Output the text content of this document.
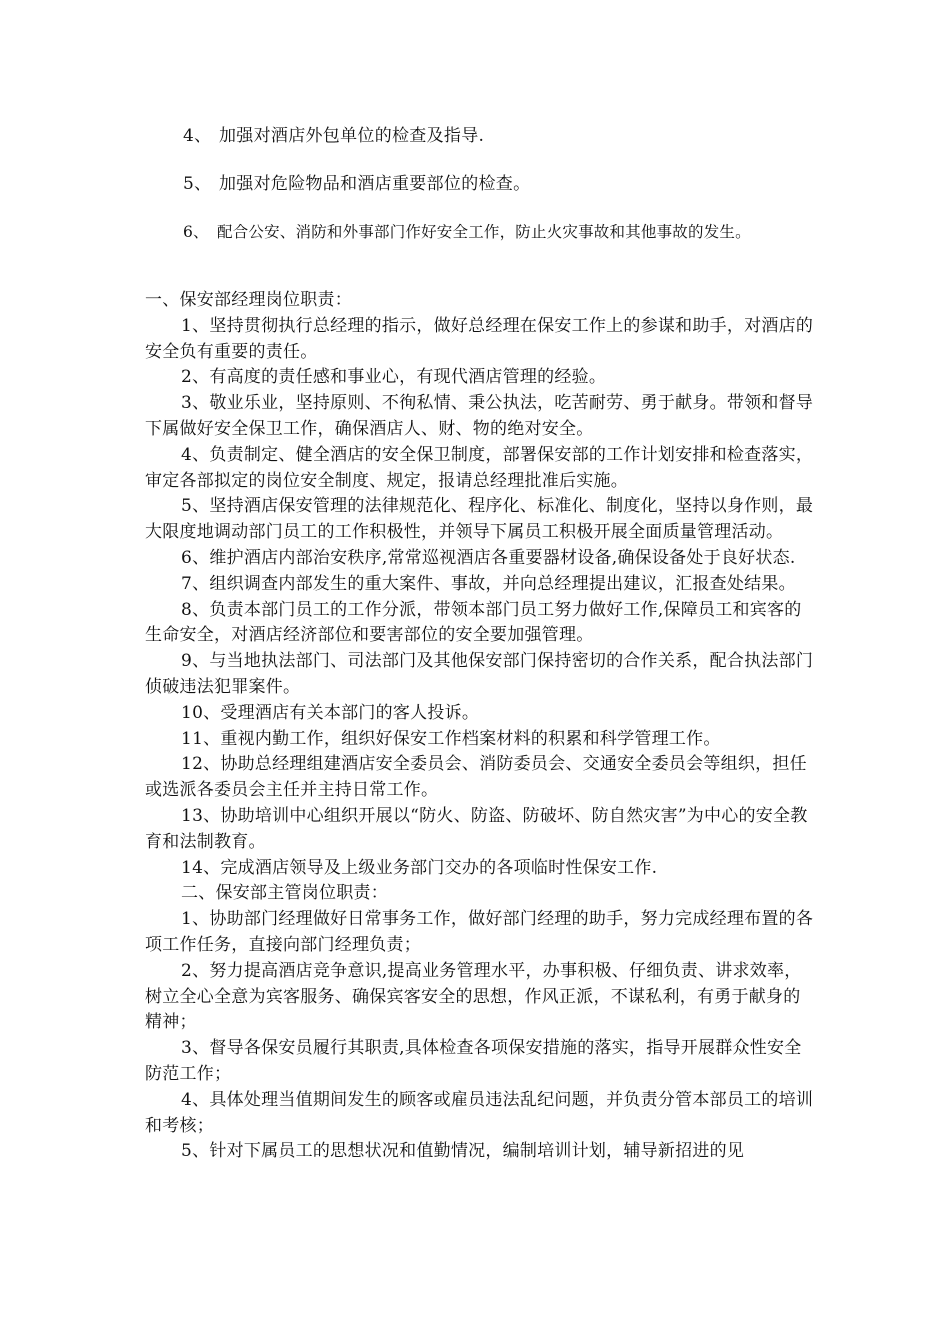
4、 加强对酒店外包单位的检查及指导.
5、 加强对危险物品和酒店重要部位的检查。
6、 配合公安、消防和外事部门作好安全工作，防止火灾事故和其他事故的发生。

一、保安部经理岗位职责：

1、坚持贯彻执行总经理的指示，做好总经理在保安工作上的参谋和助手，对酒店的安全负有重要的责任。

2、有高度的责任感和事业心，有现代酒店管理的经验。

3、敬业乐业，坚持原则、不徇私情、秉公执法，吃苦耐劳、勇于献身。带领和督导下属做好安全保卫工作，确保酒店人、财、物的绝对安全。

4、负责制定、健全酒店的安全保卫制度，部署保安部的工作计划安排和检查落实，审定各部拟定的岗位安全制度、规定，报请总经理批准后实施。

5、坚持酒店保安管理的法律规范化、程序化、标准化、制度化，坚持以身作则，最大限度地调动部门员工的工作积极性，并领导下属员工积极开展全面质量管理活动。

6、维护酒店内部治安秩序,常常巡视酒店各重要器材设备,确保设备处于良好状态.

7、组织调查内部发生的重大案件、事故，并向总经理提出建议，汇报查处结果。

8、负责本部门员工的工作分派，带领本部门员工努力做好工作,保障员工和宾客的生命安全，对酒店经济部位和要害部位的安全要加强管理。

9、与当地执法部门、司法部门及其他保安部门保持密切的合作关系，配合执法部门侦破违法犯罪案件。

10、受理酒店有关本部门的客人投诉。

11、重视内勤工作，组织好保安工作档案材料的积累和科学管理工作。

12、协助总经理组建酒店安全委员会、消防委员会、交通安全委员会等组织，担任或选派各委员会主任并主持日常工作。

13、协助培训中心组织开展以“防火、防盗、防破坏、防自然灾害”为中心的安全教育和法制教育。

14、完成酒店领导及上级业务部门交办的各项临时性保安工作.

二、保安部主管岗位职责：

1、协助部门经理做好日常事务工作，做好部门经理的助手，努力完成经理布置的各项工作任务，直接向部门经理负责；

2、努力提高酒店竞争意识,提高业务管理水平，办事积极、仔细负责、讲求效率，树立全心全意为宾客服务、确保宾客安全的思想，作风正派，不谋私利，有勇于献身的精神；

3、督导各保安员履行其职责,具体检查各项保安措施的落实，指导开展群众性安全防范工作；

4、具体处理当值期间发生的顾客或雇员违法乱纪问题，并负责分管本部员工的培训和考核；

5、针对下属员工的思想状况和值勤情况，编制培训计划，辅导新招进的见
